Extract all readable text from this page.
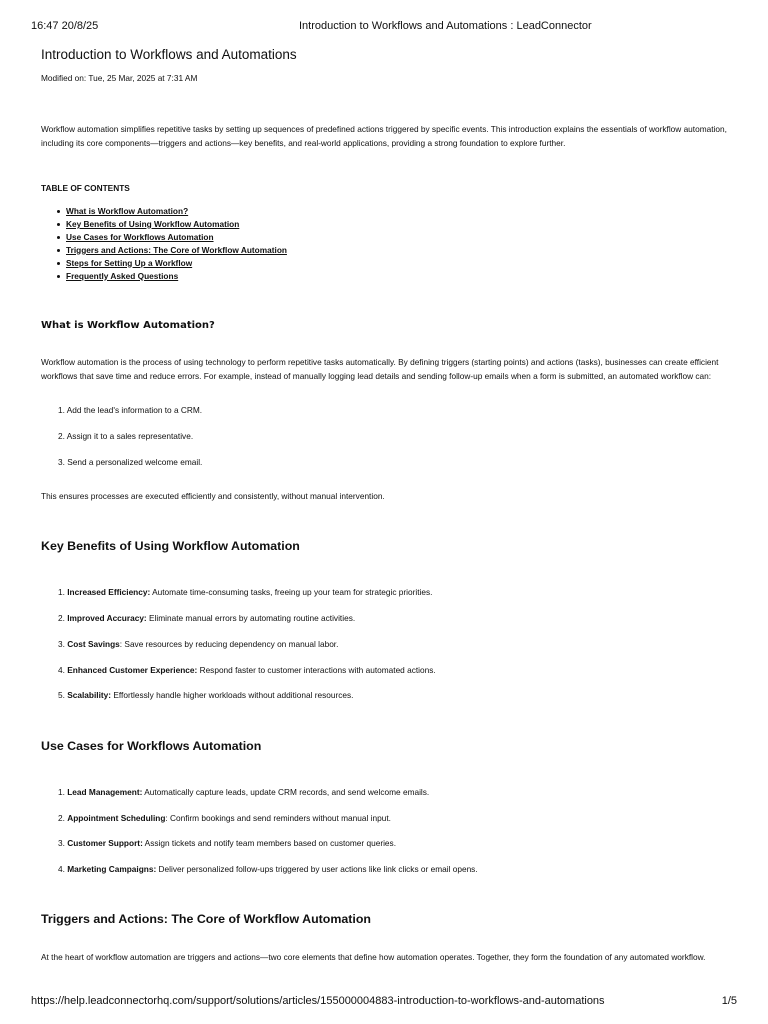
16:47 20/8/25	Introduction to Workflows and Automations : LeadConnector
Introduction to Workflows and Automations
Modified on: Tue, 25 Mar, 2025 at 7:31 AM

Workflow automation simplifies repetitive tasks by setting up sequences of predefined actions triggered by specific events. This introduction explains the essentials of workflow automation, including its core components—triggers and actions—key benefits, and real-world applications, providing a strong foundation to explore further.

TABLE OF CONTENTS
What is Workflow Automation?
Key Benefits of Using Workflow Automation
Use Cases for Workflows Automation
Triggers and Actions: The Core of Workflow Automation
Steps for Setting Up a Workflow
Frequently Asked Questions
What is Workflow Automation?

Workflow automation is the process of using technology to perform repetitive tasks automatically. By defining triggers (starting points) and actions (tasks), businesses can create efficient workflows that save time and reduce errors. For example, instead of manually logging lead details and sending follow-up emails when a form is submitted, an automated workflow can:

1. Add the lead's information to a CRM.
2. Assign it to a sales representative.
3. Send a personalized welcome email.

This ensures processes are executed efficiently and consistently, without manual intervention.

Key Benefits of Using Workflow Automation
1. Increased Efficiency: Automate time-consuming tasks, freeing up your team for strategic priorities.
2. Improved Accuracy: Eliminate manual errors by automating routine activities.
3. Cost Savings: Save resources by reducing dependency on manual labor.
4. Enhanced Customer Experience: Respond faster to customer interactions with automated actions.
5. Scalability: Effortlessly handle higher workloads without additional resources.
Use Cases for Workflows Automation
1. Lead Management: Automatically capture leads, update CRM records, and send welcome emails.
2. Appointment Scheduling: Confirm bookings and send reminders without manual input.
3. Customer Support: Assign tickets and notify team members based on customer queries.
4. Marketing Campaigns: Deliver personalized follow-ups triggered by user actions like link clicks or email opens.
Triggers and Actions: The Core of Workflow Automation

At the heart of workflow automation are triggers and actions—two core elements that define how automation operates. Together, they form the foundation of any automated workflow.

https://help.leadconnectorhq.com/support/solutions/articles/155000004883-introduction-to-workflows-and-automations	1/5
